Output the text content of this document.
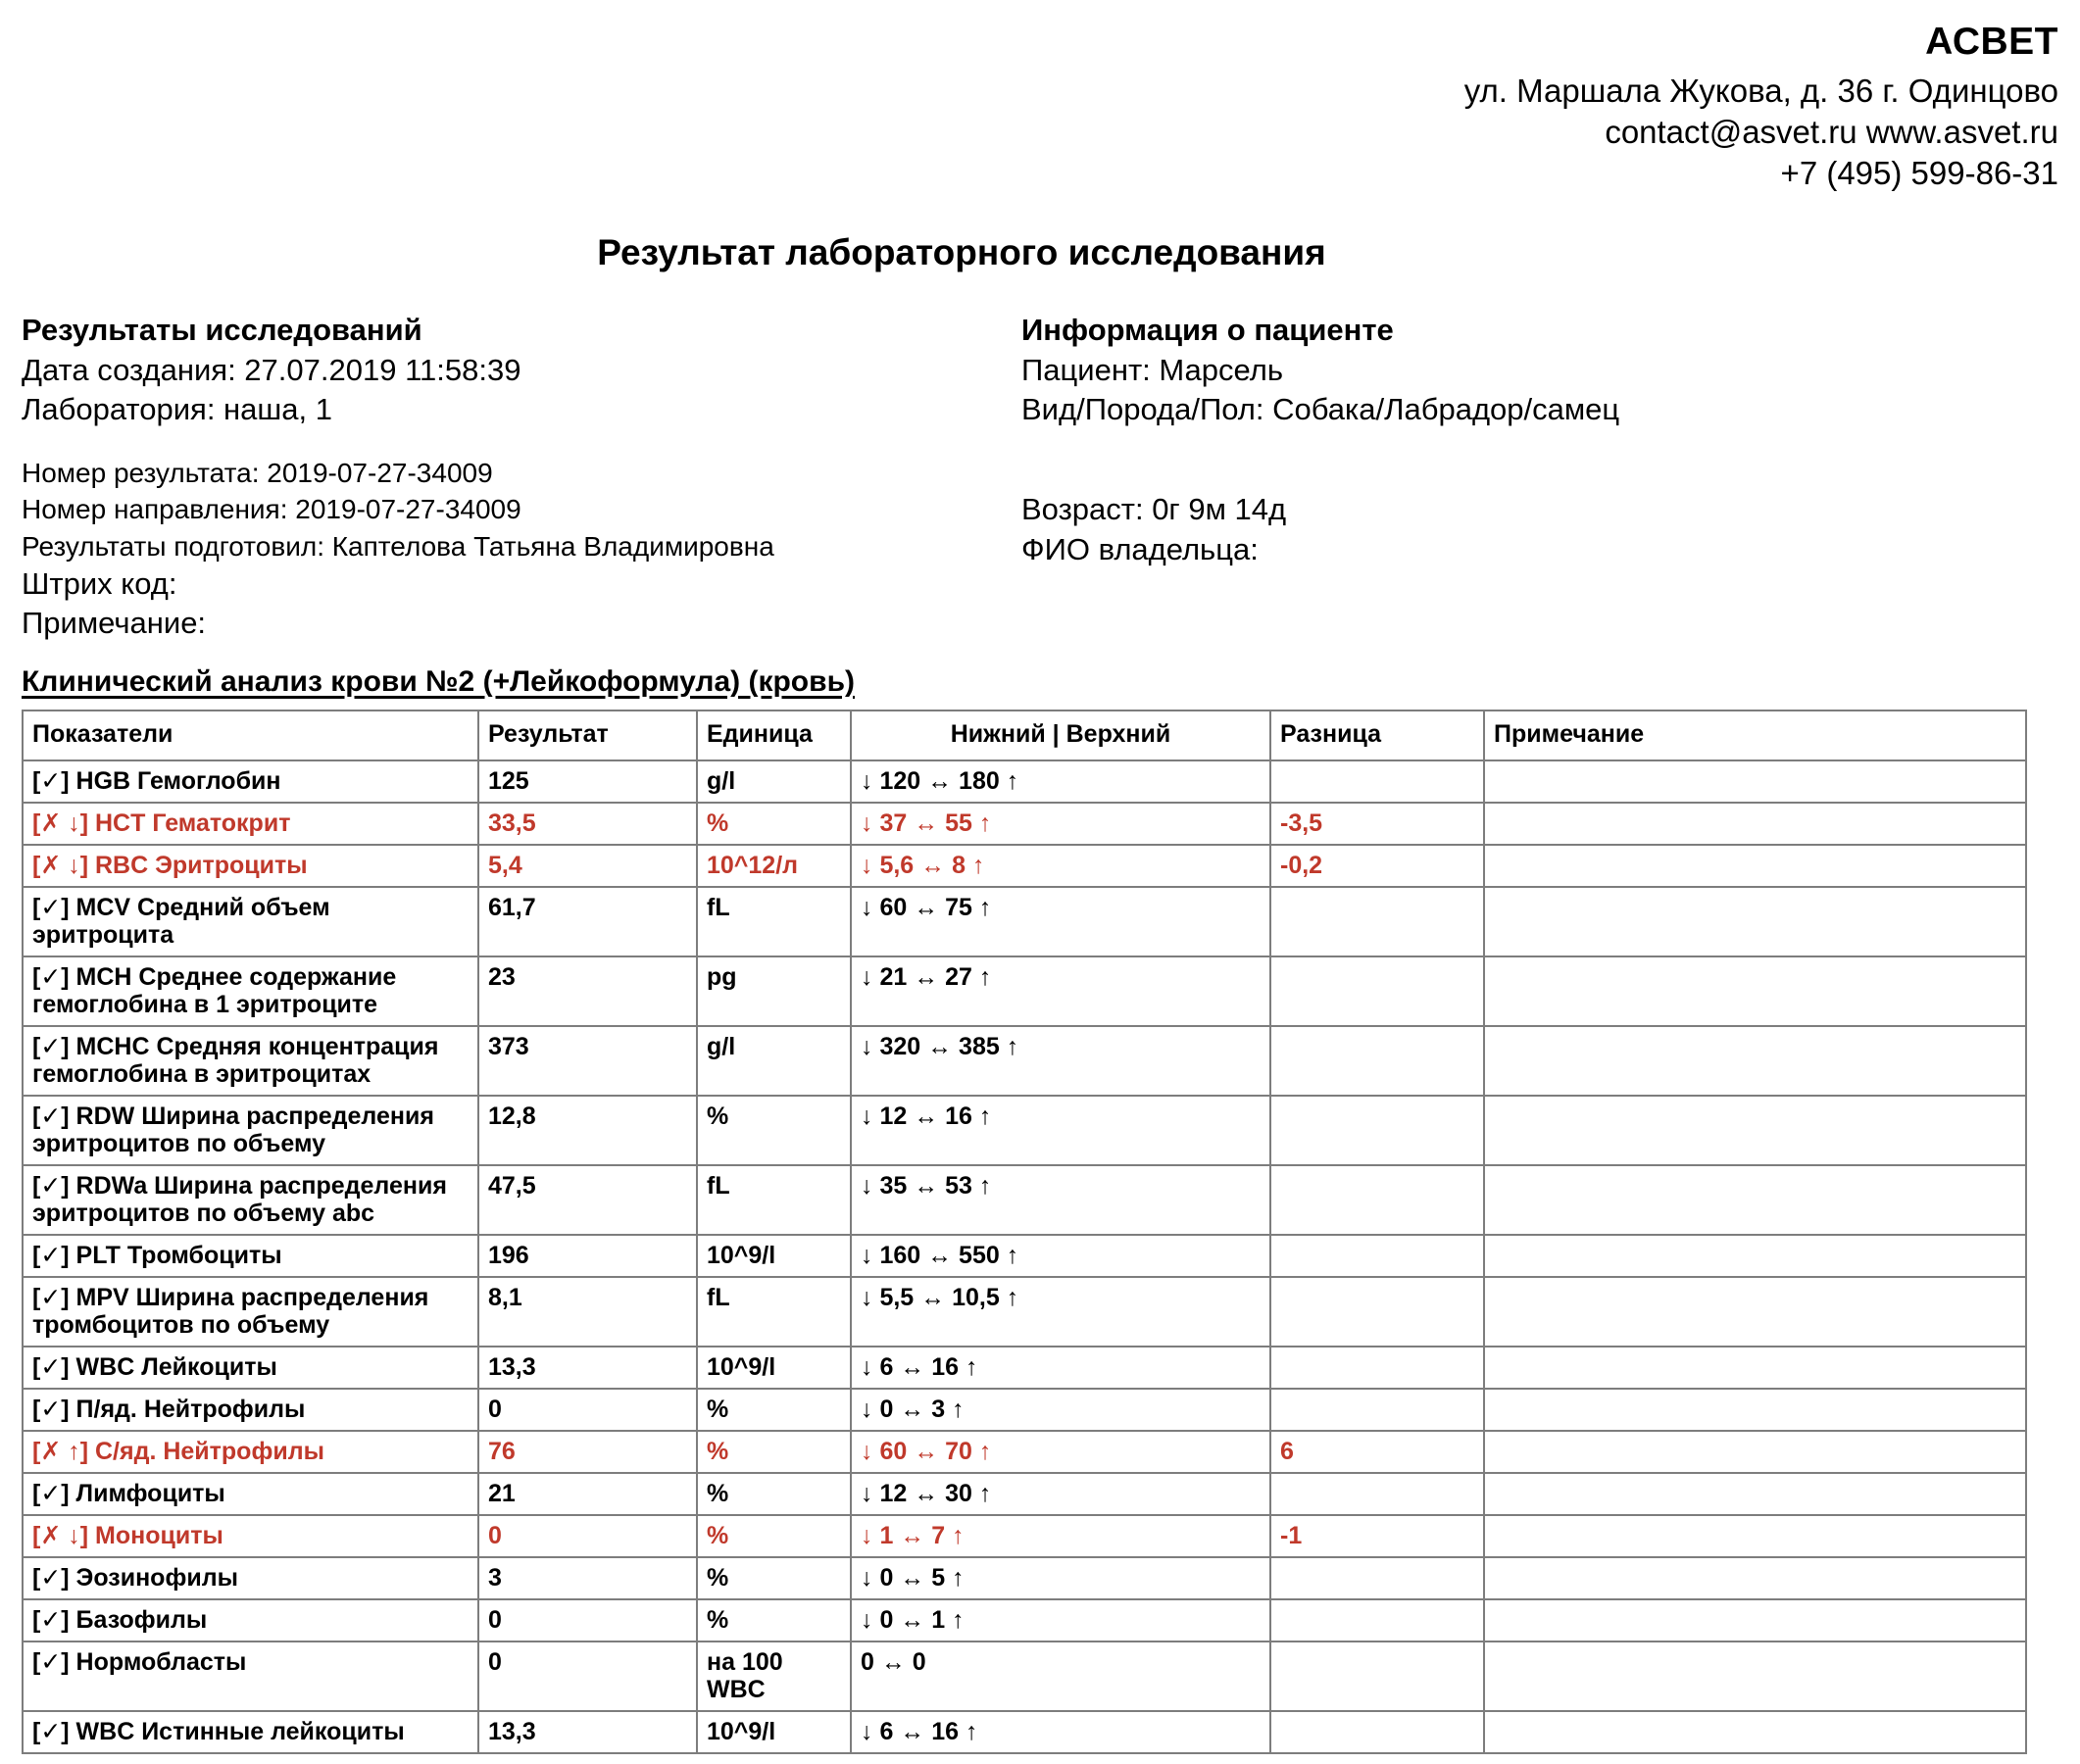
АСВЕТ
ул. Маршала Жукова, д. 36 г. Одинцово
contact@asvet.ru www.asvet.ru
+7 (495) 599-86-31
Результат лабораторного исследования
Результаты исследований
Дата создания: 27.07.2019 11:58:39
Лаборатория: наша, 1
Номер результата: 2019-07-27-34009
Номер направления: 2019-07-27-34009
Результаты подготовил: Каптелова Татьяна Владимировна
Штрих код:
Примечание:
Информация о пациенте
Пациент: Марсель
Вид/Порода/Пол: Собака/Лабрадор/самец
Возраст: 0г 9м 14д
ФИО владельца:
Клинический анализ крови №2 (+Лейкоформула) (кровь)
Показатели	Результат	Единица	Нижний | Верхний	Разница	Примечание
[✓] HGB Гемоглобин	125	g/l	↓ 120 ↔ 180 ↑		
[✗ ↓] HCT Гематокрит	33,5	%	↓ 37 ↔ 55 ↑	-3,5	
[✗ ↓] RBC Эритроциты	5,4	10^12/л	↓ 5,6 ↔ 8 ↑	-0,2	
[✓] MCV Средний объем эритроцита	61,7	fL	↓ 60 ↔ 75 ↑		
[✓] MCH Среднее содержание гемоглобина в 1 эритроците	23	pg	↓ 21 ↔ 27 ↑		
[✓] MCHC Средняя концентрация гемоглобина в эритроцитах	373	g/l	↓ 320 ↔ 385 ↑		
[✓] RDW Ширина распределения эритроцитов по объему	12,8	%	↓ 12 ↔ 16 ↑		
[✓] RDWa Ширина распределения эритроцитов по объему abc	47,5	fL	↓ 35 ↔ 53 ↑		
[✓] PLT Тромбоциты	196	10^9/l	↓ 160 ↔ 550 ↑		
[✓] MPV Ширина распределения тромбоцитов по объему	8,1	fL	↓ 5,5 ↔ 10,5 ↑		
[✓] WBC Лейкоциты	13,3	10^9/l	↓ 6 ↔ 16 ↑		
[✓] П/яд. Нейтрофилы	0	%	↓ 0 ↔ 3 ↑		
[✗ ↑] С/яд. Нейтрофилы	76	%	↓ 60 ↔ 70 ↑	6	
[✓] Лимфоциты	21	%	↓ 12 ↔ 30 ↑		
[✗ ↓] Моноциты	0	%	↓ 1 ↔ 7 ↑	-1	
[✓] Эозинофилы	3	%	↓ 0 ↔ 5 ↑		
[✓] Базофилы	0	%	↓ 0 ↔ 1 ↑		
[✓] Нормобласты	0	на 100 WBC	0 ↔ 0		
[✓] WBC Истинные лейкоциты	13,3	10^9/l	↓ 6 ↔ 16 ↑		
